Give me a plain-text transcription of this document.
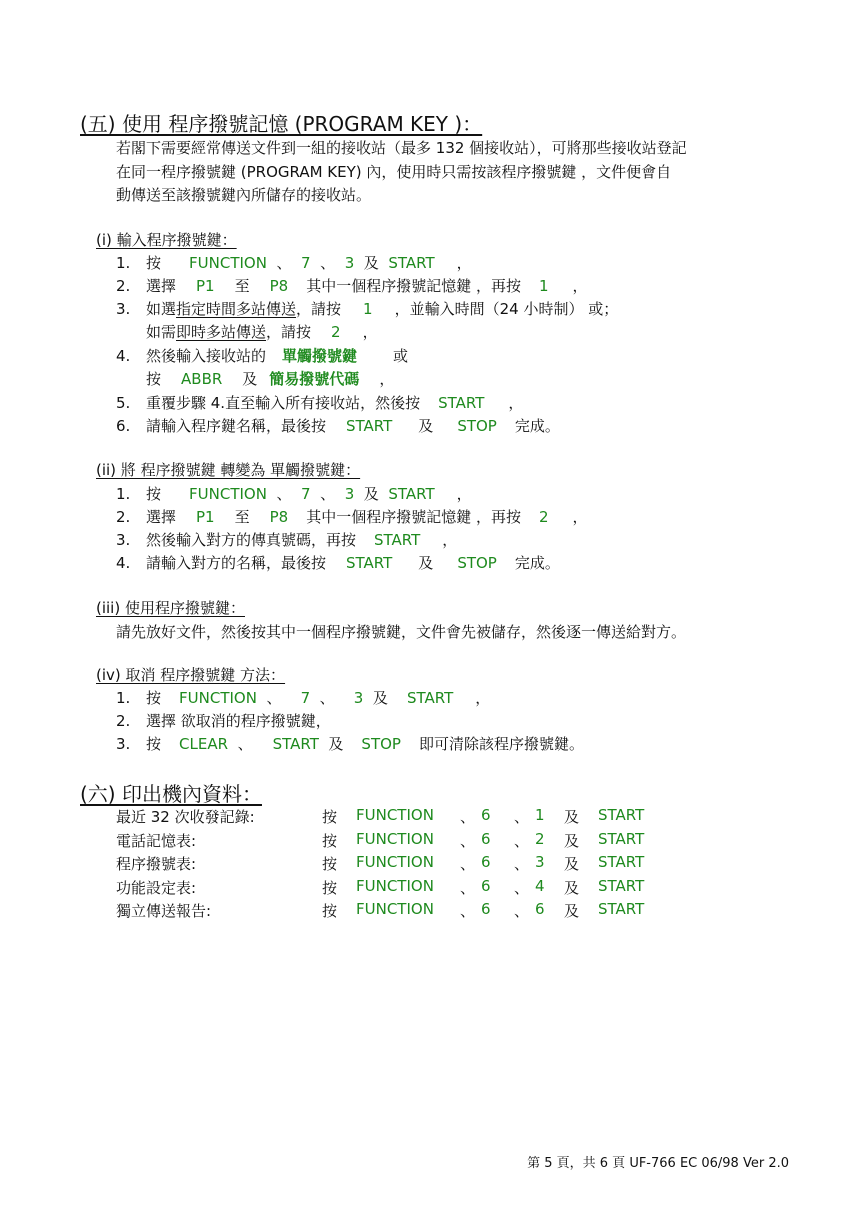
(五) 使用 程序撥號記憶 (PROGRAM KEY )：
若閣下需要經常傳送文件到一組的接收站（最多 132 個接收站），可將那些接收站登記
在同一程序撥號鍵 (PROGRAM KEY) 內，使用時只需按該程序撥號鍵 ，文件便會自
動傳送至該撥號鍵內所儲存的接收站。
(i) 輸入程序撥號鍵：
1. 按 FUNCTION 、 7 、 3 及 START ，
2. 選擇 P1 至 P8 其中一個程序撥號記憶鍵 ，再按 1 ，
3. 如選指定時間多站傳送，請按 1 ，並輸入時間（24 小時制） 或；
如需即時多站傳送，請按 2 ，
4. 然後輸入接收站的 單觸撥號鍵 或
按 ABBR 及 簡易撥號代碼 ，
5. 重覆步驟 4.直至輸入所有接收站，然後按 START ，
6. 請輸入程序鍵名稱，最後按 START 及 STOP 完成。
(ii) 將 程序撥號鍵 轉變為 單觸撥號鍵：
1. 按 FUNCTION 、 7 、 3 及 START ，
2. 選擇 P1 至 P8 其中一個程序撥號記憶鍵 ，再按 2 ，
3. 然後輸入對方的傳真號碼，再按 START ，
4. 請輸入對方的名稱，最後按 START 及 STOP 完成。
(iii) 使用程序撥號鍵：
請先放好文件，然後按其中一個程序撥號鍵，文件會先被儲存，然後逐一傳送給對方。
(iv) 取消 程序撥號鍵 方法：
1. 按 FUNCTION 、 7 、 3 及 START ，
2. 選擇 欲取消的程序撥號鍵，
3. 按 CLEAR 、 START 及 STOP 即可清除該程序撥號鍵。
(六) 印出機內資料：
最近 32 次收發記錄:	按 FUNCTION 、 6 、 1 及 START
電話記憶表:	按 FUNCTION 、 6 、 2 及 START
程序撥號表:	按 FUNCTION 、 6 、 3 及 START
功能設定表:	按 FUNCTION 、 6 、 4 及 START
獨立傳送報告:	按 FUNCTION 、 6 、 6 及 START
第 5 頁，共 6 頁 UF-766 EC 06/98 Ver 2.0
